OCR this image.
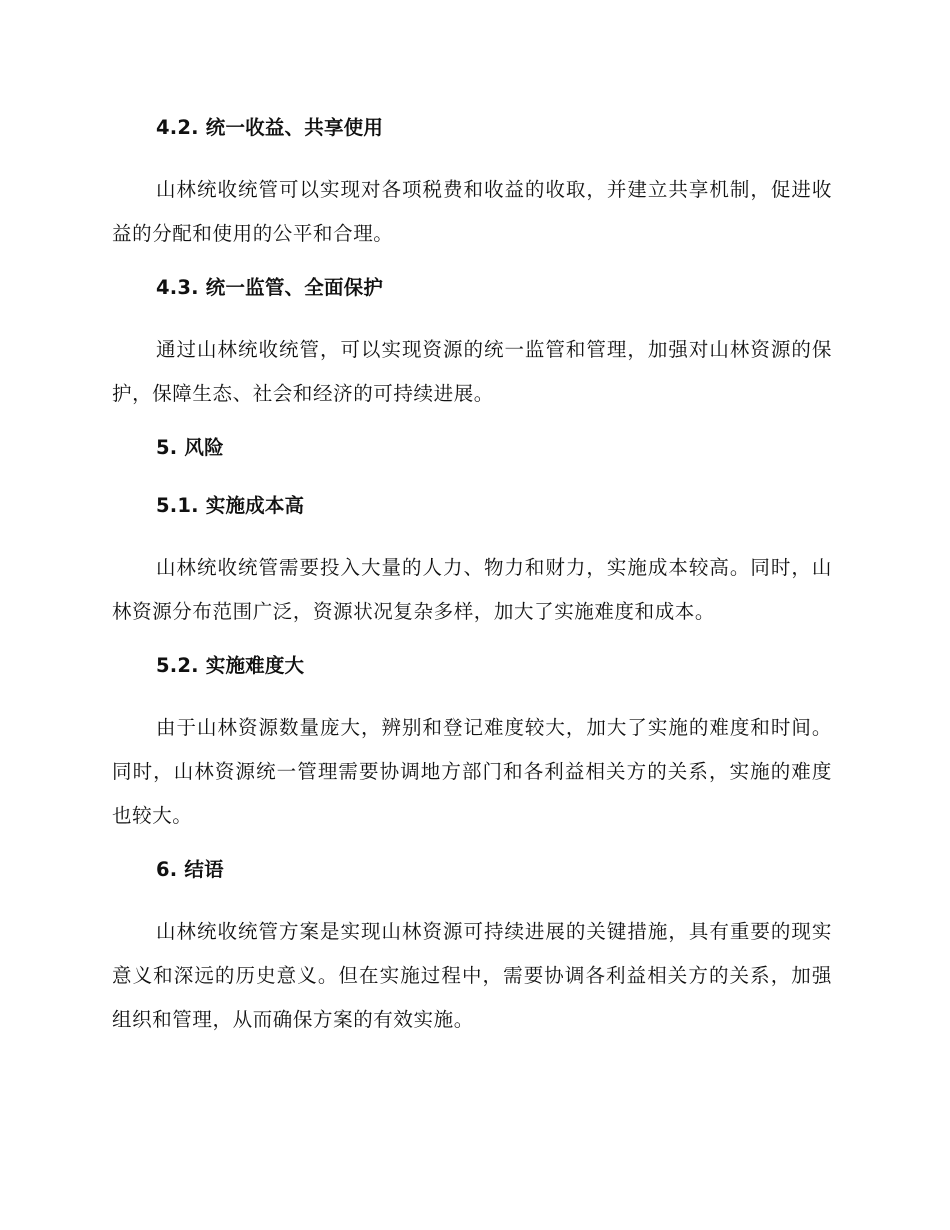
4.2. 统一收益、共享使用

山林统收统管可以实现对各项税费和收益的收取，并建立共享机制，促进收益的分配和使用的公平和合理。

4.3. 统一监管、全面保护

通过山林统收统管，可以实现资源的统一监管和管理，加强对山林资源的保护，保障生态、社会和经济的可持续进展。

5. 风险
5.1. 实施成本高

山林统收统管需要投入大量的人力、物力和财力，实施成本较高。同时，山林资源分布范围广泛，资源状况复杂多样，加大了实施难度和成本。

5.2. 实施难度大

由于山林资源数量庞大，辨别和登记难度较大，加大了实施的难度和时间。同时，山林资源统一管理需要协调地方部门和各利益相关方的关系，实施的难度也较大。

6. 结语

山林统收统管方案是实现山林资源可持续进展的关键措施，具有重要的现实意义和深远的历史意义。但在实施过程中，需要协调各利益相关方的关系，加强组织和管理，从而确保方案的有效实施。
